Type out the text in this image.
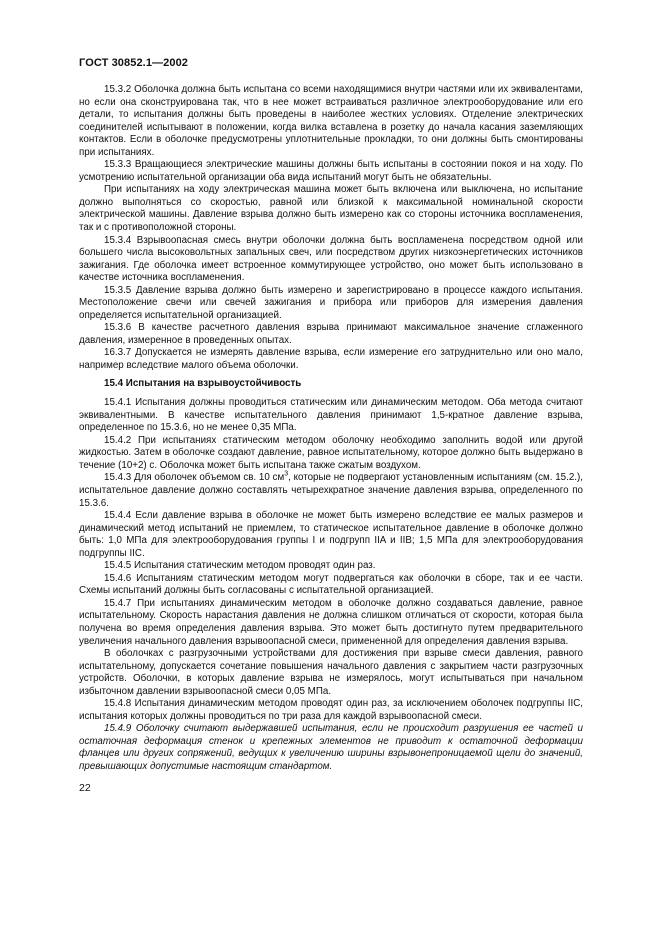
ГОСТ 30852.1—2002

15.3.2 Оболочка должна быть испытана со всеми находящимися внутри частями или их эквивалентами, но если она сконструирована так, что в нее может встраиваться различное электрооборудование или его детали, то испытания должны быть проведены в наиболее жестких условиях. Отделение электрических соединителей испытывают в положении, когда вилка вставлена в розетку до начала касания заземляющих контактов. Если в оболочке предусмотрены уплотнительные прокладки, то они должны быть смонтированы при испытаниях.

15.3.3 Вращающиеся электрические машины должны быть испытаны в состоянии покоя и на ходу. По усмотрению испытательной организации оба вида испытаний могут быть не обязательны.

При испытаниях на ходу электрическая машина может быть включена или выключена, но испытание должно выполняться со скоростью, равной или близкой к максимальной номинальной скорости электрической машины. Давление взрыва должно быть измерено как со стороны источника воспламенения, так и с противоположной стороны.

15.3.4 Взрывоопасная смесь внутри оболочки должна быть воспламенена посредством одной или большего числа высоковольтных запальных свеч, или посредством других низкоэнергетических источников зажигания. Где оболочка имеет встроенное коммутирующее устройство, оно может быть использовано в качестве источника воспламенения.

15.3.5 Давление взрыва должно быть измерено и зарегистрировано в процессе каждого испытания. Местоположение свечи или свечей зажигания и прибора или приборов для измерения давления определяется испытательной организацией.

15.3.6 В качестве расчетного давления взрыва принимают максимальное значение сглаженного давления, измеренное в проведенных опытах.

16.3.7 Допускается не измерять давление взрыва, если измерение его затруднительно или оно мало, например вследствие малого объема оболочки.

15.4 Испытания на взрывоустойчивость

15.4.1 Испытания должны проводиться статическим или динамическим методом. Оба метода считают эквивалентными. В качестве испытательного давления принимают 1,5-кратное давление взрыва, определенное по 15.3.6, но не менее 0,35 МПа.

15.4.2 При испытаниях статическим методом оболочку необходимо заполнить водой или другой жидкостью. Затем в оболочке создают давление, равное испытательному, которое должно быть выдержано в течение (10+2) с. Оболочка может быть испытана также сжатым воздухом.

15.4.3 Для оболочек объемом св. 10 $см^3$, которые не подвергают установленным испытаниям (см. 15.2.), испытательное давление должно составлять четырехкратное значение давления взрыва, определенного по 15.3.6.

15.4.4 Если давление взрыва в оболочке не может быть измерено вследствие ее малых размеров и динамический метод испытаний не приемлем, то статическое испытательное давление в оболочке должно быть: 1,0 МПа для электрооборудования группы I и подгрупп IIA и IIB; 1,5 МПа для электрооборудования подгруппы IIC.

15.4.5 Испытания статическим методом проводят один раз.

15.4.6 Испытаниям статическим методом могут подвергаться как оболочки в сборе, так и ее части. Схемы испытаний должны быть согласованы с испытательной организацией.

15.4.7 При испытаниях динамическим методом в оболочке должно создаваться давление, равное испытательному. Скорость нарастания давления не должна слишком отличаться от скорости, которая была получена во время определения давления взрыва. Это может быть достигнуто путем предварительного увеличения начального давления взрывоопасной смеси, примененной для определения давления взрыва.

В оболочках с разгрузочными устройствами для достижения при взрыве смеси давления, равного испытательному, допускается сочетание повышения начального давления с закрытием части разгрузочных устройств. Оболочки, в которых давление взрыва не измерялось, могут испытываться при начальном избыточном давлении взрывоопасной смеси 0,05 МПа.

15.4.8 Испытания динамическим методом проводят один раз, за исключением оболочек подгруппы IIC, испытания которых должны проводиться по три раза для каждой взрывоопасной смеси.

15.4.9 Оболочку считают выдержавшей испытания, если не происходит разрушения ее частей и остаточная деформация стенок и крепежных элементов не приводит к остаточной деформации фланцев или других сопряжений, ведущих к увеличению ширины взрывонепроницаемой щели до значений, превышающих допустимые настоящим стандартом.

22
